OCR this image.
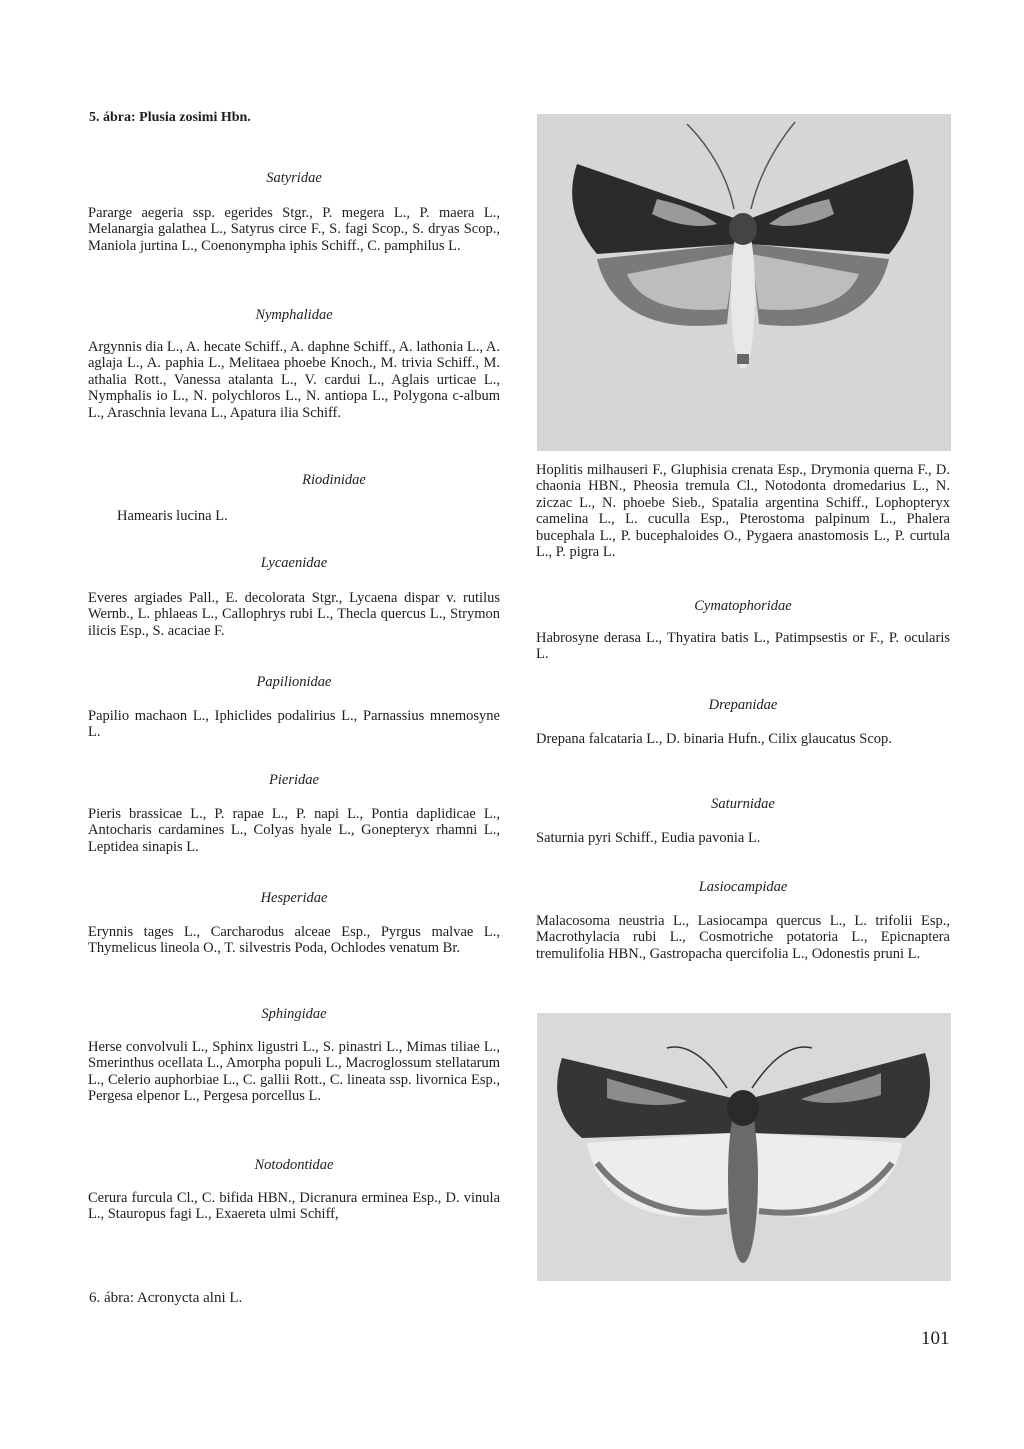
5. ábra: Plusia zosimi Hbn.
Satyridae
Pararge aegeria ssp. egerides Stgr., P. megera L., P. maera L., Melanargia galathea L., Satyrus circe F., S. fagi Scop., S. dryas Scop., Maniola jurtina L., Coenonympha iphis Schiff., C. pamphilus L.
Nymphalidae
Argynnis dia L., A. hecate Schiff., A. daphne Schiff., A. lathonia L., A. aglaja L., A. paphia L., Melitaea phoebe Knoch., M. trivia Schiff., M. athalia Rott., Vanessa atalanta L., V. cardui L., Aglais urticae L., Nymphalis io L., N. polychloros L., N. antiopa L., Polygona c-album L., Araschnia levana L., Apatura ilia Schiff.
Riodinidae
Hamearis lucina L.
Lycaenidae
Everes argiades Pall., E. decolorata Stgr., Lycaena dispar v. rutilus Wernb., L. phlaeas L., Callophrys rubi L., Thecla quercus L., Strymon ilicis Esp., S. acaciae F.
Papilionidae
Papilio machaon L., Iphiclides podalirius L., Parnassius mnemosyne L.
Pieridae
Pieris brassicae L., P. rapae L., P. napi L., Pontia daplidicae L., Antocharis cardamines L., Colyas hyale L., Gonepteryx rhamni L., Leptidea sinapis L.
Hesperidae
Erynnis tages L., Carcharodus alceae Esp., Pyrgus malvae L., Thymelicus lineola O., T. silvestris Poda, Ochlodes venatum Br.
Sphingidae
Herse convolvuli L., Sphinx ligustri L., S. pinastri L., Mimas tiliae L., Smerinthus ocellata L., Amorpha populi L., Macroglossum stellatarum L., Celerio auphorbiae L., C. gallii Rott., C. lineata ssp. livornica Esp., Pergesa elpenor L., Pergesa porcellus L.
Notodontidae
Cerura furcula Cl., C. bifida HBN., Dicranura erminea Esp., D. vinula L., Stauropus fagi L., Exaereta ulmi Schiff,
Hoplitis milhauseri F., Gluphisia crenata Esp., Drymonia querna F., D. chaonia HBN., Pheosia tremula Cl., Notodonta dromedarius L., N. ziczac L., N. phoebe Sieb., Spatalia argentina Schiff., Lophopteryx camelina L., L. cucullа Esp., Pterostoma palpinum L., Phalera bucephala L., P. bucephaloides O., Pygaera anastomosis L., P. curtula L., P. pigra L.
Cymatophoridae
Habrosyne derasa L., Thyatira batis L., Patimpsestis or F., P. ocularis L.
Drepanidae
Drepana falcataria L., D. binaria Hufn., Cilix glaucatus Scop.
Saturnidae
Saturnia pyri Schiff., Eudia pavonia L.
Lasiocampidae
Malacosoma neustria L., Lasiocampa quercus L., L. trifolii Esp., Macrothylacia rubi L., Cosmotriche potatoria L., Epicnaptera tremulifolia HBN., Gastropacha quercifolia L., Odonestis pruni L.
6. ábra: Acronycta alni L.
101
